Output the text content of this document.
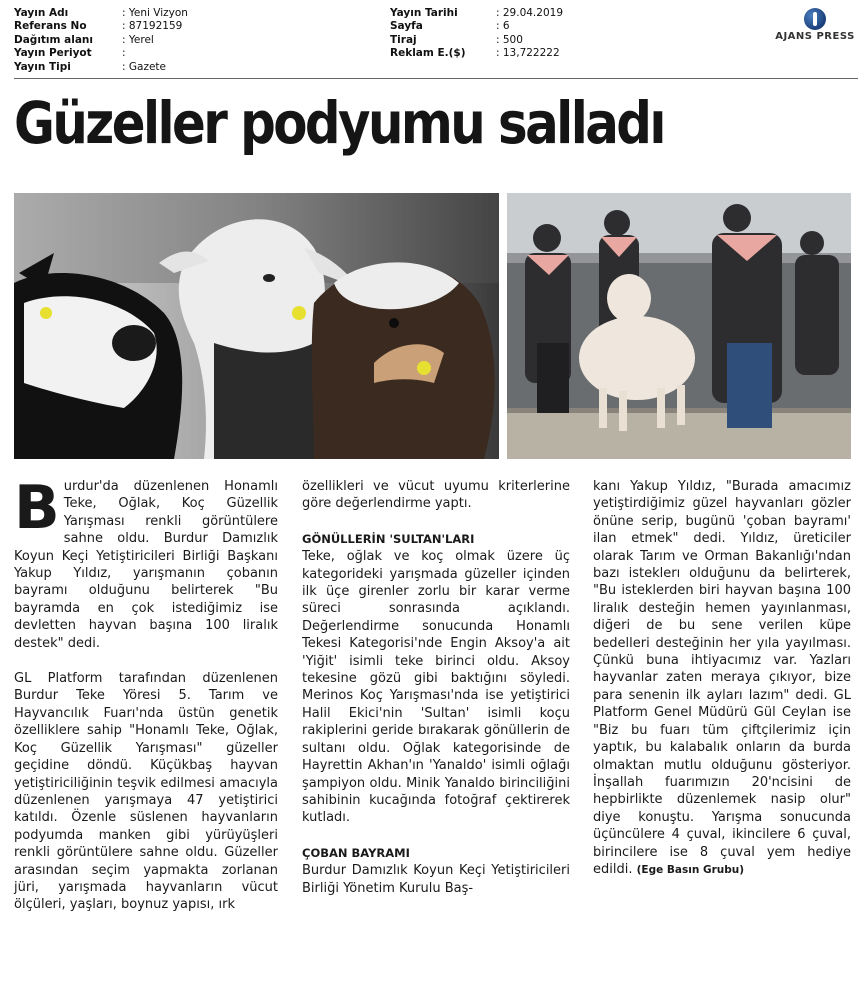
Yayın Adı	: Yeni Vizyon
Referans No	: 87192159
Dağıtım alanı	: Yerel
Yayın Periyot	:
Yayın Tipi	: Gazete
Yayın Tarihi	: 29.04.2019
Sayfa	: 6
Tiraj	: 500
Reklam E.($)	: 13,722222
AJANS PRESS
Güzeller podyumu salladı

Burdur'da düzenlenen Honamlı Teke, Oğlak, Koç Güzellik Yarışması renkli görüntülere sahne oldu. Burdur Damızlık Koyun Keçi Yetiştiricileri Birliği Başkanı Yakup Yıldız, yarışmanın çobanın bayramı olduğunu belirterek "Bu bayramda en çok istediğimiz ise devletten hayvan başına 100 liralık destek" dedi.

GL Platform tarafından düzenlenen Burdur Teke Yöresi 5. Tarım ve Hayvancılık Fuarı'nda üstün genetik özelliklere sahip "Honamlı Teke, Oğlak, Koç Güzellik Yarışması" güzeller geçidine döndü. Küçükbaş hayvan yetiştiriciliğinin teşvik edilmesi amacıyla düzenlenen yarışmaya 47 yetiştirici katıldı. Özenle süslenen hayvanların podyumda manken gibi yürüyüşleri renkli görüntülere sahne oldu. Güzeller arasından seçim yapmakta zorlanan jüri, yarışmada hayvanların vücut ölçüleri, yaşları, boynuz yapısı, ırk

özellikleri ve vücut uyumu kriterlerine göre değerlendirme yaptı.

GÖNÜLLERİN 'SULTAN'LARI

Teke, oğlak ve koç olmak üzere üç kategorideki yarışmada güzeller içinden ilk üçe girenler zorlu bir karar verme süreci sonrasında açıklandı. Değerlendirme sonucunda Honamlı Tekesi Kategorisi'nde Engin Aksoy'a ait 'Yiğit' isimli teke birinci oldu. Aksoy tekesine gözü gibi baktığını söyledi. Merinos Koç Yarışması'nda ise yetiştirici Halil Ekici'nin 'Sultan' isimli koçu rakiplerini geride bırakarak gönüllerin de sultanı oldu. Oğlak kategorisinde de Hayrettin Akhan'ın 'Yanaldo' isimli oğlağı şampiyon oldu. Minik Yanaldo birinciliğini sahibinin kucağında fotoğraf çektirerek kutladı.

ÇOBAN BAYRAMI

Burdur Damızlık Koyun Keçi Yetiştiricileri Birliği Yönetim Kurulu Baş-

kanı Yakup Yıldız, "Burada amacımız yetiştirdiğimiz güzel hayvanları gözler önüne serip, bugünü 'çoban bayramı' ilan etmek" dedi. Yıldız, üreticiler olarak Tarım ve Orman Bakanlığı'ndan bazı isteklerı olduğunu da belirterek, "Bu isteklerden biri hayvan başına 100 liralık desteğin hemen yayınlanması, diğeri de bu sene verilen küpe bedelleri desteğinin her yıla yayılması. Çünkü buna ihtiyacımız var. Yazları hayvanlar zaten meraya çıkıyor, bize para senenin ilk ayları lazım" dedi. GL Platform Genel Müdürü Gül Ceylan ise "Biz bu fuarı tüm çiftçilerimiz için yaptık, bu kalabalık onların da burda olmaktan mutlu olduğunu gösteriyor. İnşallah fuarımızın 20'ncisini de hepbirlikte düzenlemek nasip olur" diye konuştu. Yarışma sonucunda üçüncülere 4 çuval, ikincilere 6 çuval, birincilere ise 8 çuval yem hediye edildi. (Ege Basın Grubu)
